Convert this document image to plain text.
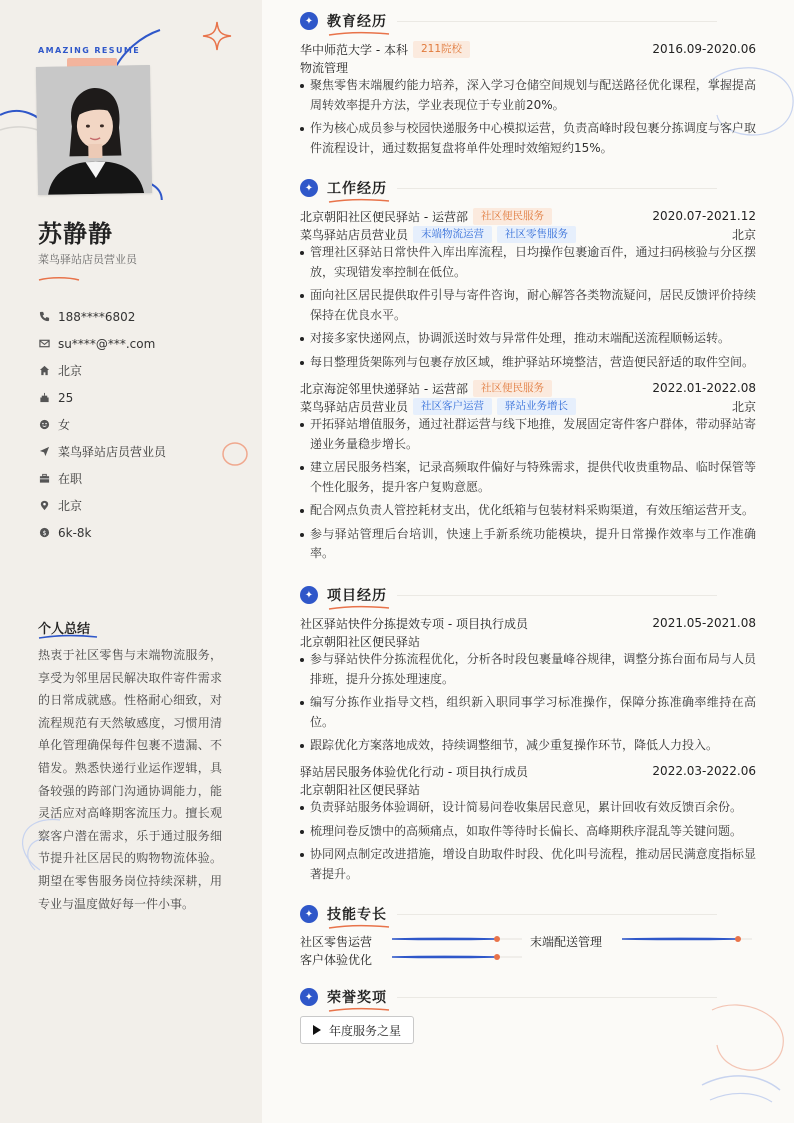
AMAZING RESUME
苏静静
菜鸟驿站店员营业员
188****6802
su****@***.com
北京
25
女
菜鸟驿站店员营业员
在职
北京
$ 6k-8k
个人总结
热衷于社区零售与末端物流服务，享受为邻里居民解决取件寄件需求的日常成就感。性格耐心细致，对流程规范有天然敏感度，习惯用清单化管理确保每件包裹不遗漏、不错发。熟悉快递行业运作逻辑，具备较强的跨部门沟通协调能力，能灵活应对高峰期客流压力。擅长观察客户潜在需求，乐于通过服务细节提升社区居民的购物物流体验。期望在零售服务岗位持续深耕，用专业与温度做好每一件小事。
✦ 教育经历
华中师范大学 - 本科	211院校	2016.09-2020.06
物流管理
聚焦零售末端履约能力培养，深入学习仓储空间规划与配送路径优化课程，掌握提高周转效率提升方法，学业表现位于专业前20%。
作为核心成员参与校园快递服务中心模拟运营，负责高峰时段包裹分拣调度与客户取件流程设计，通过数据复盘将单件处理时效缩短约15%。
✦ 工作经历
北京朝阳社区便民驿站 - 运营部	社区便民服务	2020.07-2021.12
菜鸟驿站店员营业员	末端物流运营	社区零售服务	北京
管理社区驿站日常快件入库出库流程，日均操作包裹逾百件，通过扫码核验与分区摆放，实现错发率控制在低位。
面向社区居民提供取件引导与寄件咨询，耐心解答各类物流疑问，居民反馈评价持续保持在优良水平。
对接多家快递网点，协调派送时效与异常件处理，推动末端配送流程顺畅运转。
每日整理货架陈列与包裹存放区域，维护驿站环境整洁，营造便民舒适的取件空间。
北京海淀邻里快递驿站 - 运营部	社区便民服务	2022.01-2022.08
菜鸟驿站店员营业员	社区客户运营	驿站业务增长	北京
开拓驿站增值服务，通过社群运营与线下地推，发展固定寄件客户群体，带动驿站寄递业务量稳步增长。
建立居民服务档案，记录高频取件偏好与特殊需求，提供代收贵重物品、临时保管等个性化服务，提升客户复购意愿。
配合网点负责人管控耗材支出，优化纸箱与包装材料采购渠道，有效压缩运营开支。
参与驿站管理后台培训，快速上手新系统功能模块，提升日常操作效率与工作准确率。
✦ 项目经历
社区驿站快件分拣提效专项 - 项目执行成员	2021.05-2021.08
北京朝阳社区便民驿站
参与驿站快件分拣流程优化，分析各时段包裹量峰谷规律，调整分拣台面布局与人员排班，提升分拣处理速度。
编写分拣作业指导文档，组织新入职同事学习标准操作，保障分拣准确率维持在高位。
跟踪优化方案落地成效，持续调整细节，减少重复操作环节，降低人力投入。
驿站居民服务体验优化行动 - 项目执行成员	2022.03-2022.06
北京朝阳社区便民驿站
负责驿站服务体验调研，设计简易问卷收集居民意见，累计回收有效反馈百余份。
梳理问卷反馈中的高频痛点，如取件等待时长偏长、高峰期秩序混乱等关键问题。
协同网点制定改进措施，增设自助取件时段、优化叫号流程，推动居民满意度指标显著提升。
✦ 技能专长
社区零售运营	末端配送管理
客户体验优化
✦ 荣誉奖项
年度服务之星
